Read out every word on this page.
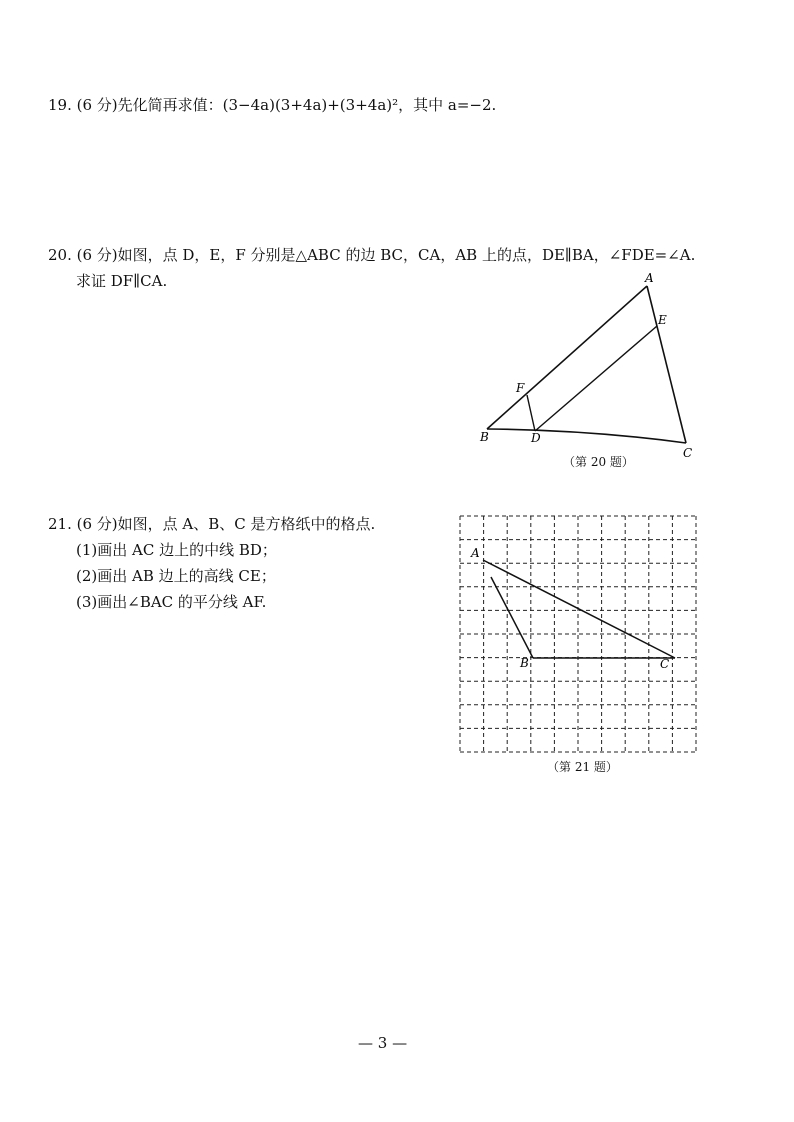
19. (6 分)先化简再求值：(3−4a)(3+4a)+(3+4a)²，其中 a=−2.
20. (6 分)如图，点 D，E，F 分别是△ABC 的边 BC，CA，AB 上的点，DE∥BA，∠FDE=∠A.
求证 DF∥CA.	A
E
F
B	D
C
（第 20 题）
21. (6 分)如图，点 A、B、C 是方格纸中的格点.
(1)画出 AC 边上的中线 BD；
(2)画出 AB 边上的高线 CE；
(3)画出∠BAC 的平分线 AF.
A
B	C
（第 21 题）
— 3 —
